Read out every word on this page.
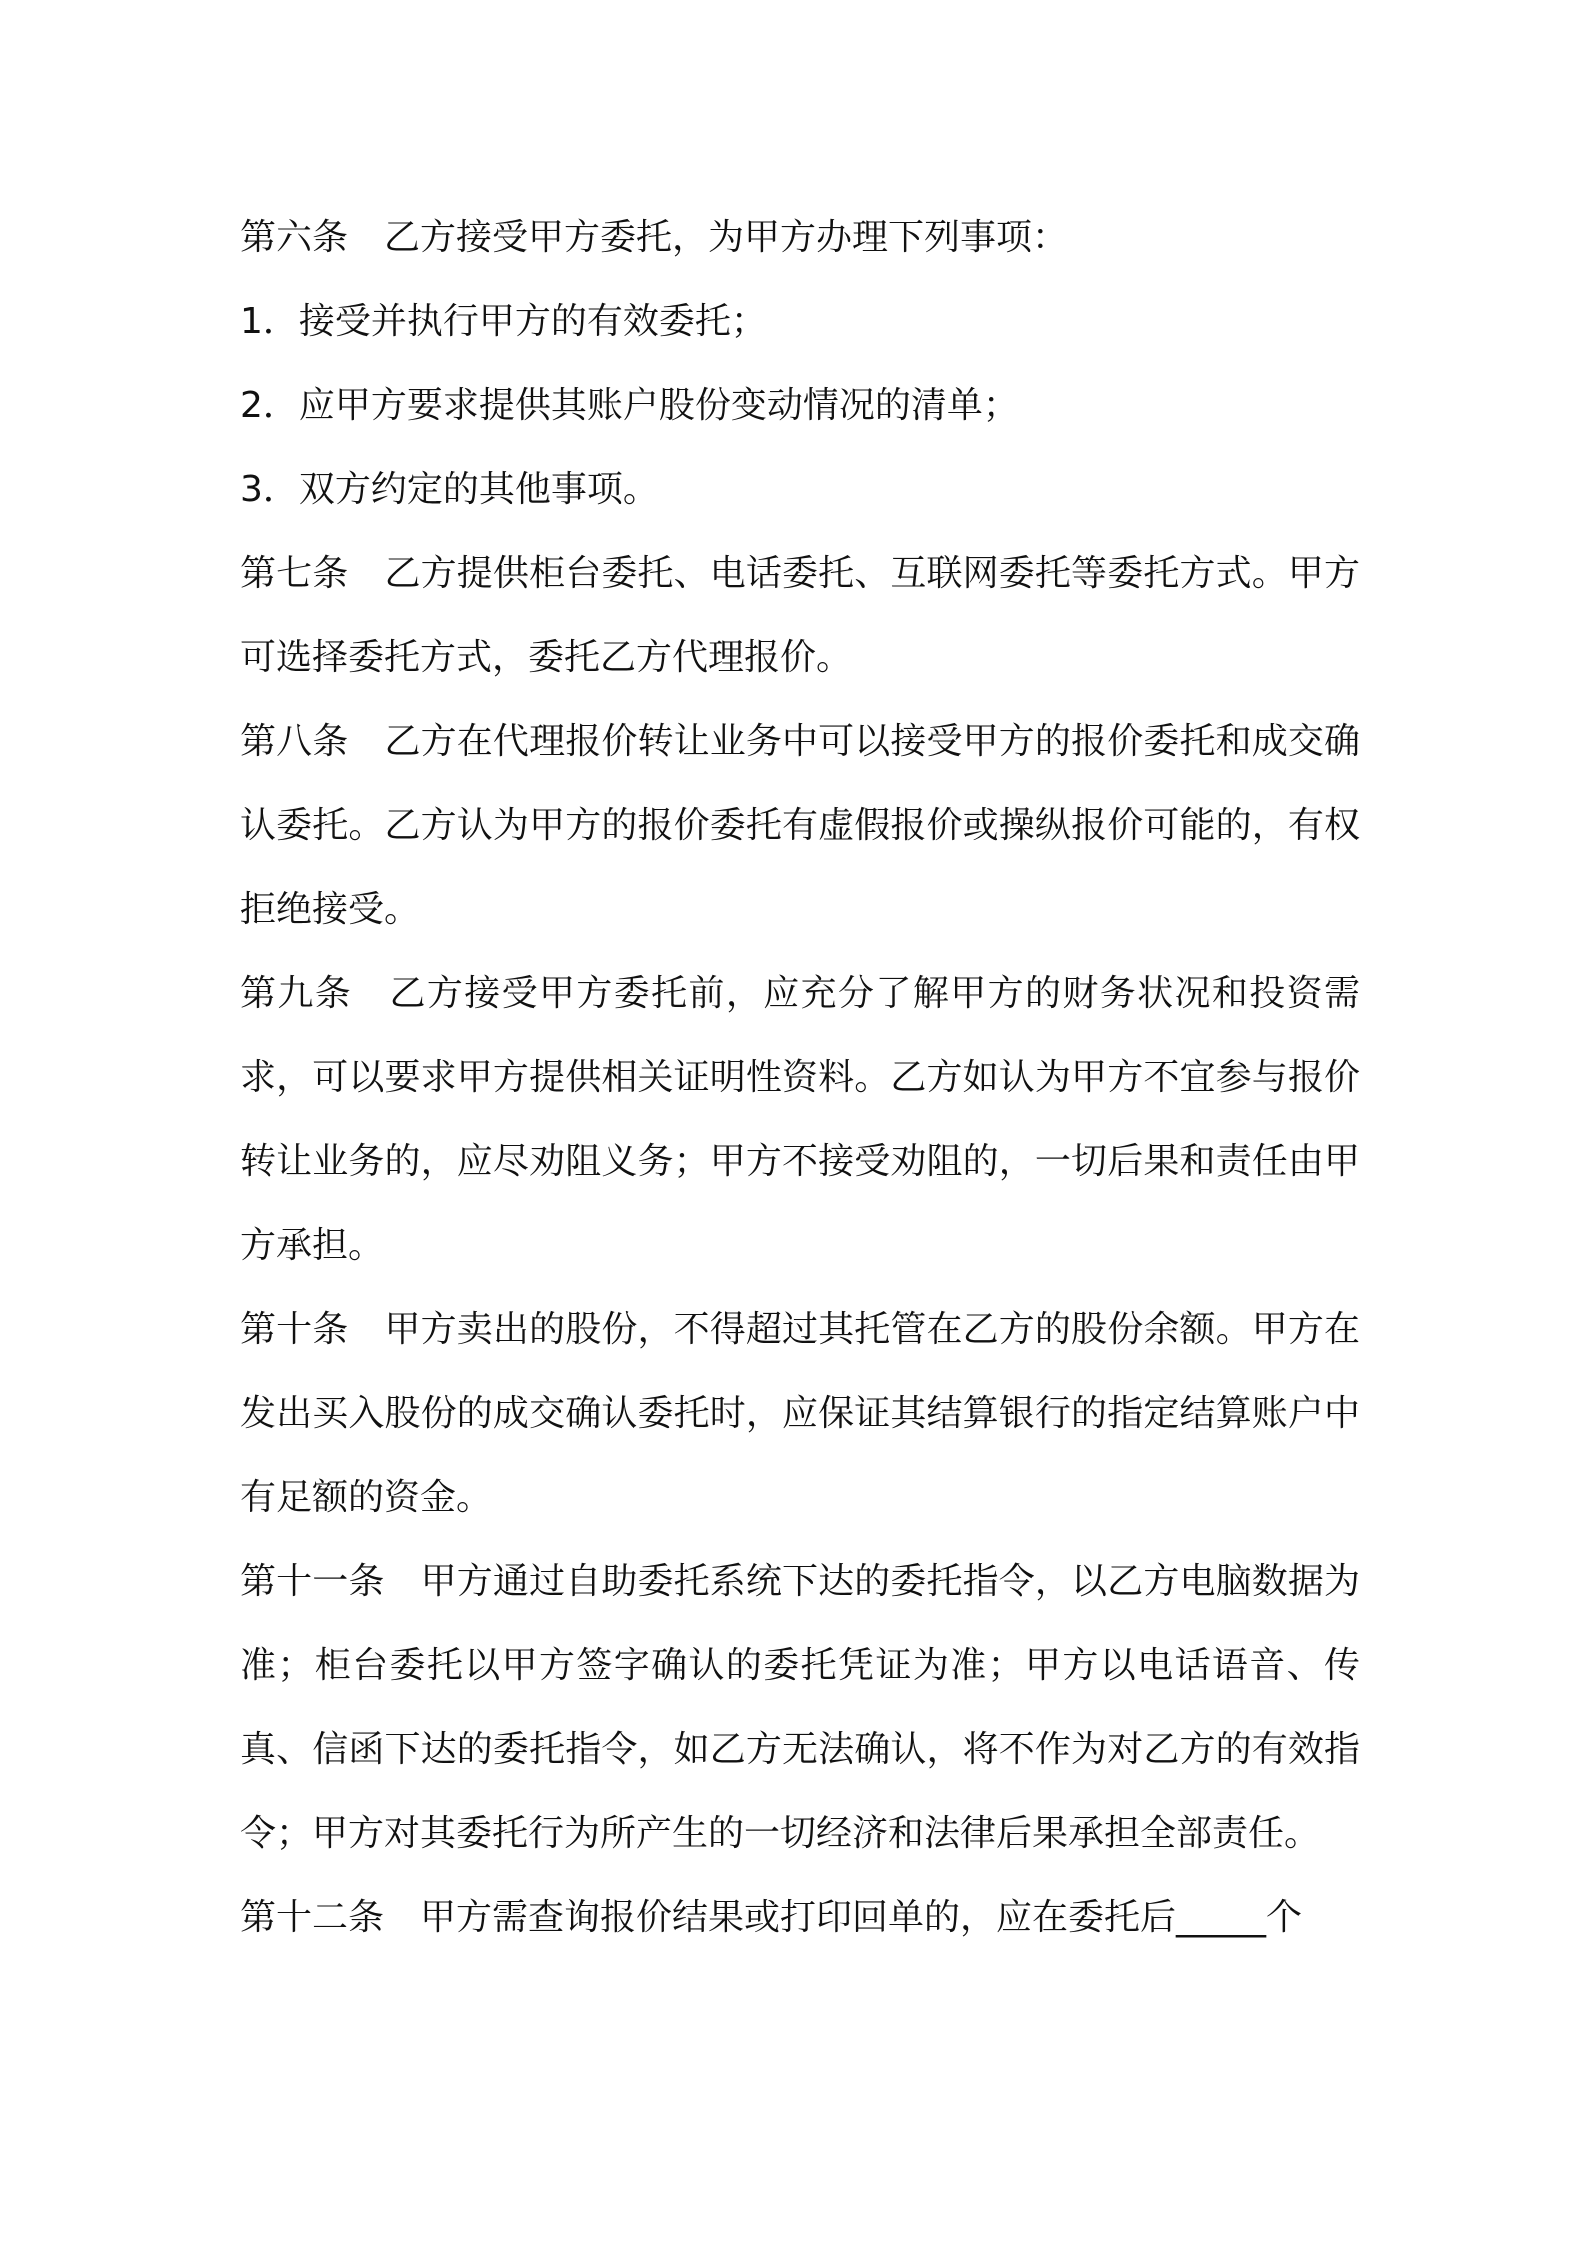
第六条　乙方接受甲方委托，为甲方办理下列事项：

1．接受并执行甲方的有效委托；

2．应甲方要求提供其账户股份变动情况的清单；

3．双方约定的其他事项。

第七条　乙方提供柜台委托、电话委托、互联网委托等委托方式。甲方可选择委托方式，委托乙方代理报价。

第八条　乙方在代理报价转让业务中可以接受甲方的报价委托和成交确认委托。乙方认为甲方的报价委托有虚假报价或操纵报价可能的，有权拒绝接受。

第九条　乙方接受甲方委托前，应充分了解甲方的财务状况和投资需求，可以要求甲方提供相关证明性资料。乙方如认为甲方不宜参与报价转让业务的，应尽劝阻义务；甲方不接受劝阻的，一切后果和责任由甲方承担。

第十条　甲方卖出的股份，不得超过其托管在乙方的股份余额。甲方在发出买入股份的成交确认委托时，应保证其结算银行的指定结算账户中有足额的资金。

第十一条　甲方通过自助委托系统下达的委托指令，以乙方电脑数据为准；柜台委托以甲方签字确认的委托凭证为准；甲方以电话语音、传真、信函下达的委托指令，如乙方无法确认，将不作为对乙方的有效指令；甲方对其委托行为所产生的一切经济和法律后果承担全部责任。

第十二条　甲方需查询报价结果或打印回单的，应在委托后_____个
